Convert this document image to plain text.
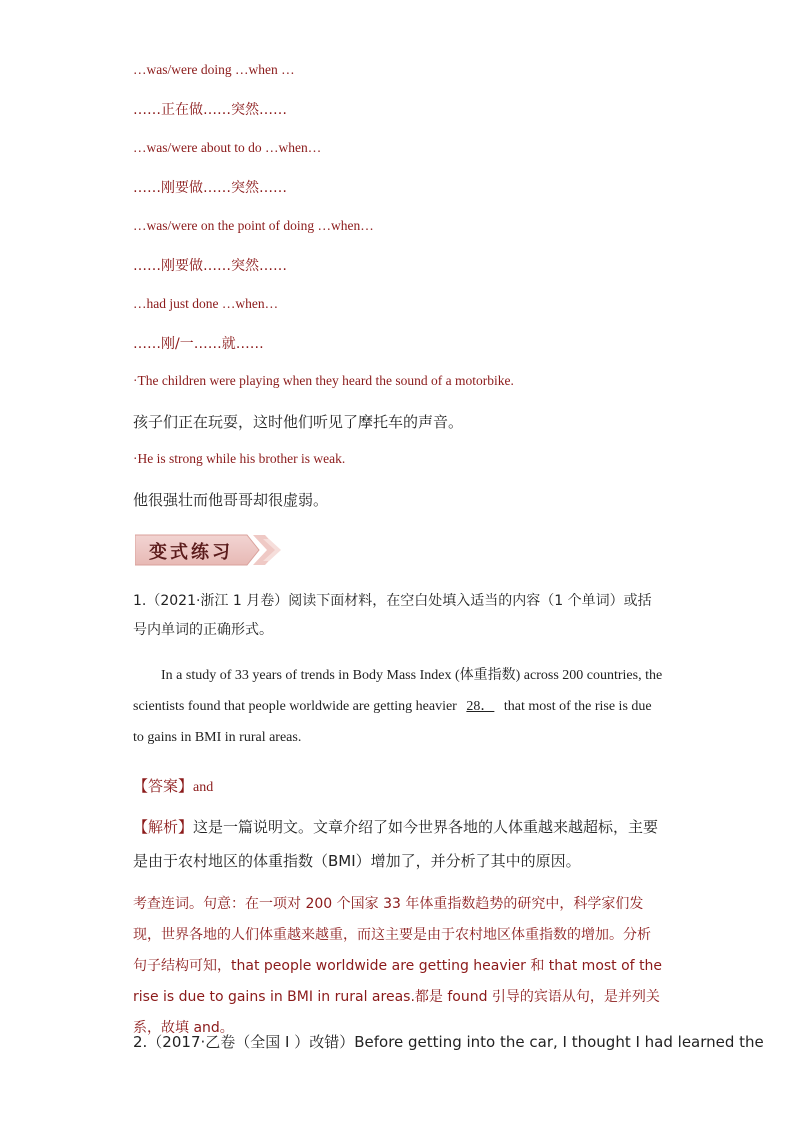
…was/were doing …when …
……正在做……突然……
…was/were about to do …when…
……刚要做……突然……
…was/were on the point of doing …when…
……刚要做……突然……
…had just done …when…
……刚/一……就……
·The children were playing when they heard the sound of a motorbike.
孩子们正在玩耍，这时他们听见了摩托车的声音。
·He is strong while his brother is weak.
他很强壮而他哥哥却很虚弱。
变式练习
1.（2021·浙江 1 月卷）阅读下面材料，在空白处填入适当的内容（1 个单词）或括号内单词的正确形式。
In a study of 33 years of trends in Body Mass Index (体重指数) across 200 countries, the scientists found that people worldwide are getting heavier 28． that most of the rise is due to gains in BMI in rural areas.
【答案】and
【解析】这是一篇说明文。文章介绍了如今世界各地的人体重越来越超标，主要是由于农村地区的体重指数（BMI）增加了，并分析了其中的原因。
考查连词。句意：在一项对 200 个国家 33 年体重指数趋势的研究中，科学家们发现，世界各地的人们体重越来越重，而这主要是由于农村地区体重指数的增加。分析句子结构可知，that people worldwide are getting heavier 和 that most of the rise is due to gains in BMI in rural areas.都是 found 引导的宾语从句，是并列关系，故填 and。
2.（2017·乙卷（全国 I ）改错）Before getting into the car, I thought I had learned the
